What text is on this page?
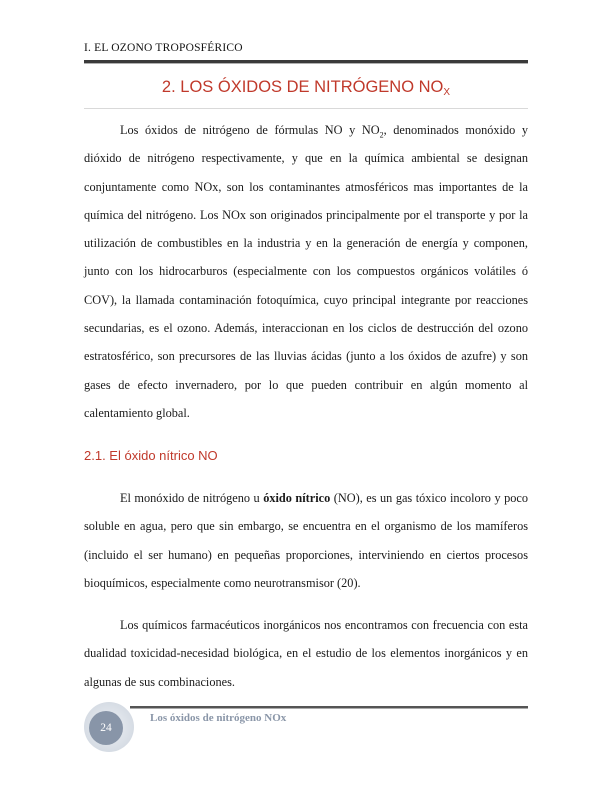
I. EL OZONO TROPOSFÉRICO
2. LOS ÓXIDOS DE NITRÓGENO $NO_X$

Los óxidos de nitrógeno de fórmulas NO y $NO_2$, denominados monóxido y dióxido de nitrógeno respectivamente, y que en la química ambiental se designan conjuntamente como NOx, son los contaminantes atmosféricos mas importantes de la química del nitrógeno. Los NOx son originados principalmente por el transporte y por la utilización de combustibles en la industria y en la generación de energía y componen, junto con los hidrocarburos (especialmente con los compuestos orgánicos volátiles ó COV), la llamada contaminación fotoquímica, cuyo principal integrante por reacciones secundarias, es el ozono. Además, interaccionan en los ciclos de destrucción del ozono estratosférico, son precursores de las lluvias ácidas (junto a los óxidos de azufre) y son gases de efecto invernadero, por lo que pueden contribuir en algún momento al calentamiento global.

2.1. El óxido nítrico NO

El monóxido de nitrógeno u óxido nítrico (NO), es un gas tóxico incoloro y poco soluble en agua, pero que sin embargo, se encuentra en el organismo de los mamíferos (incluido el ser humano) en pequeñas proporciones, interviniendo en ciertos procesos bioquímicos, especialmente como neurotransmisor (20).

Los químicos farmacéuticos inorgánicos nos encontramos con frecuencia con esta dualidad toxicidad-necesidad biológica, en el estudio de los elementos inorgánicos y en algunas de sus combinaciones.

24
Los óxidos de nitrógeno NOx
